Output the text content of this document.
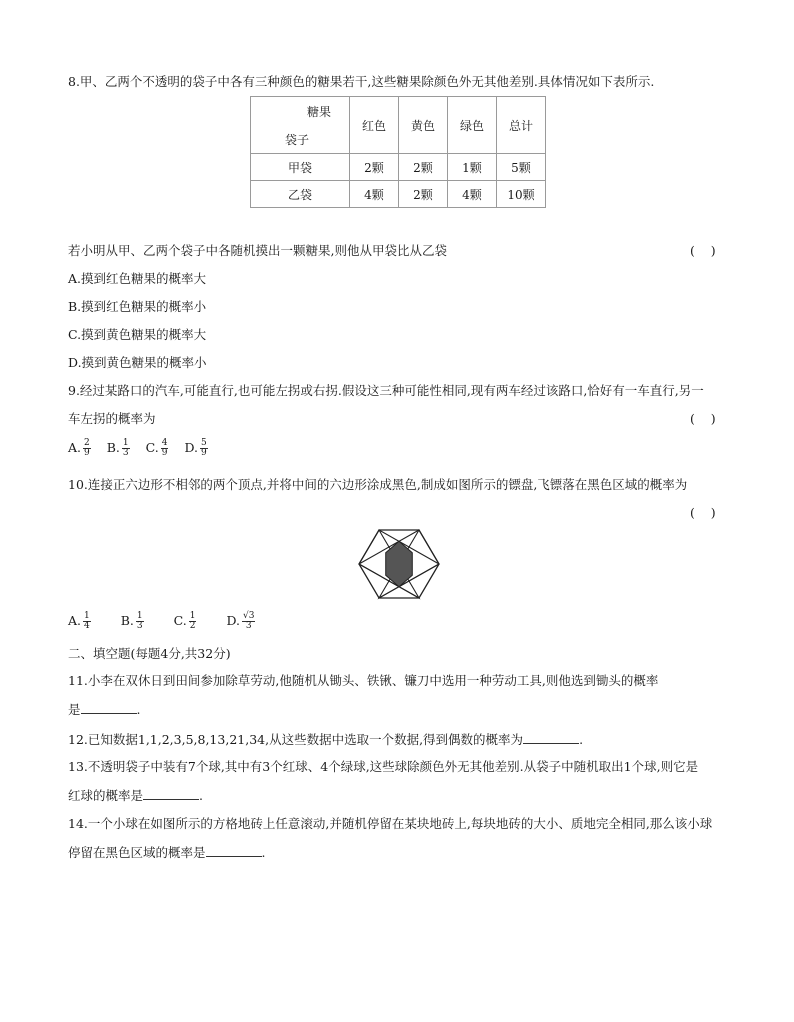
8.甲、乙两个不透明的袋子中各有三种颜色的糖果若干,这些糖果除颜色外无其他差别.具体情况如下表所示.
糖果
袋子	红色	黄色	绿色	总计
甲袋	2颗	2颗	1颗	5颗
乙袋	4颗	2颗	4颗	10颗
若小明从甲、乙两个袋子中各随机摸出一颗糖果,则他从甲袋比从乙袋	(    )
A.摸到红色糖果的概率大
B.摸到红色糖果的概率小
C.摸到黄色糖果的概率大
D.摸到黄色糖果的概率小
9.经过某路口的汽车,可能直行,也可能左拐或右拐.假设这三种可能性相同,现有两车经过该路口,恰好有一车直行,另一
车左拐的概率为	(    )
A. $\frac{2}{9} B$. $\frac{1}{3} C$. $\frac{4}{9} D$. $\frac{5}{9}$
10.连接正六边形不相邻的两个顶点,并将中间的六边形涂成黑色,制成如图所示的镖盘,飞镖落在黑色区域的概率为
(    )
A. $\frac{1}{4} B$. $\frac{1}{3} C$. $\frac{1}{2} D$. $\frac{√3}{3}$
二、填空题(每题4分,共32分)
11.小李在双休日到田间参加除草劳动,他随机从锄头、铁锹、镰刀中选用一种劳动工具,则他选到锄头的概率
是	.
12.已知数据1,1,2,3,5,8,13,21,34,从这些数据中选取一个数据,得到偶数的概率为	.
13.不透明袋子中装有7个球,其中有3个红球、4个绿球,这些球除颜色外无其他差别.从袋子中随机取出1个球,则它是
红球的概率是	.
14.一个小球在如图所示的方格地砖上任意滚动,并随机停留在某块地砖上,每块地砖的大小、质地完全相同,那么该小球
停留在黑色区域的概率是	.
